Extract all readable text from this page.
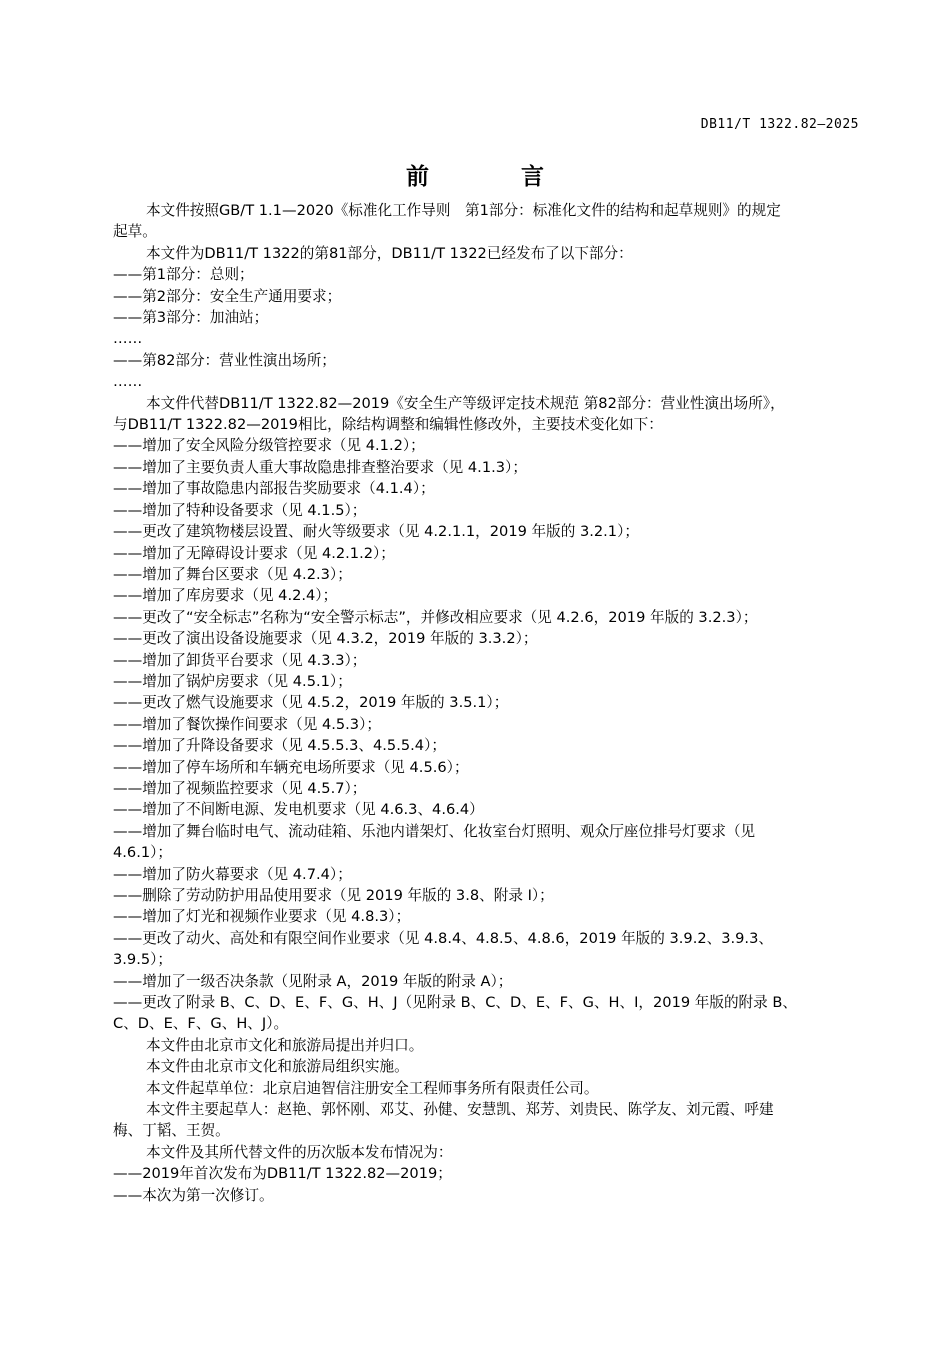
DB11/T 1322.82—2025
前 言

本文件按照GB/T 1.1—2020《标准化工作导则　第1部分：标准化文件的结构和起草规则》的规定

起草。

本文件为DB11/T 1322的第81部分，DB11/T 1322已经发布了以下部分：

——第1部分：总则；

——第2部分：安全生产通用要求；

——第3部分：加油站；

……

——第82部分：营业性演出场所；

……

本文件代替DB11/T 1322.82—2019《安全生产等级评定技术规范 第82部分：营业性演出场所》，

与DB11/T 1322.82—2019相比，除结构调整和编辑性修改外，主要技术变化如下：

——增加了安全风险分级管控要求（见 4.1.2）；

——增加了主要负责人重大事故隐患排查整治要求（见 4.1.3）；

——增加了事故隐患内部报告奖励要求（4.1.4）；

——增加了特种设备要求（见 4.1.5）；

——更改了建筑物楼层设置、耐火等级要求（见 4.2.1.1，2019 年版的 3.2.1）；

——增加了无障碍设计要求（见 4.2.1.2）；

——增加了舞台区要求（见 4.2.3）；

——增加了库房要求（见 4.2.4）；

——更改了“安全标志”名称为“安全警示标志”，并修改相应要求（见 4.2.6，2019 年版的 3.2.3）；

——更改了演出设备设施要求（见 4.3.2，2019 年版的 3.3.2）；

——增加了卸货平台要求（见 4.3.3）；

——增加了锅炉房要求（见 4.5.1）；

——更改了燃气设施要求（见 4.5.2，2019 年版的 3.5.1）；

——增加了餐饮操作间要求（见 4.5.3）；

——增加了升降设备要求（见 4.5.5.3、4.5.5.4）；

——增加了停车场所和车辆充电场所要求（见 4.5.6）；

——增加了视频监控要求（见 4.5.7）；

——增加了不间断电源、发电机要求（见 4.6.3、4.6.4）

——增加了舞台临时电气、流动硅箱、乐池内谱架灯、化妆室台灯照明、观众厅座位排号灯要求（见

4.6.1）；

——增加了防火幕要求（见 4.7.4）；

——删除了劳动防护用品使用要求（见 2019 年版的 3.8、附录 I）；

——增加了灯光和视频作业要求（见 4.8.3）；

——更改了动火、高处和有限空间作业要求（见 4.8.4、4.8.5、4.8.6，2019 年版的 3.9.2、3.9.3、

3.9.5）；

——增加了一级否决条款（见附录 A，2019 年版的附录 A）；

——更改了附录 B、C、D、E、F、G、H、J（见附录 B、C、D、E、F、G、H、I，2019 年版的附录 B、

C、D、E、F、G、H、J）。

本文件由北京市文化和旅游局提出并归口。

本文件由北京市文化和旅游局组织实施。

本文件起草单位：北京启迪智信注册安全工程师事务所有限责任公司。

本文件主要起草人：赵艳、郭怀刚、邓艾、孙健、安慧凯、郑芳、刘贵民、陈学友、刘元霞、呼建

梅、丁韬、王贺。

本文件及其所代替文件的历次版本发布情况为：

——2019年首次发布为DB11/T 1322.82—2019；

——本次为第一次修订。
